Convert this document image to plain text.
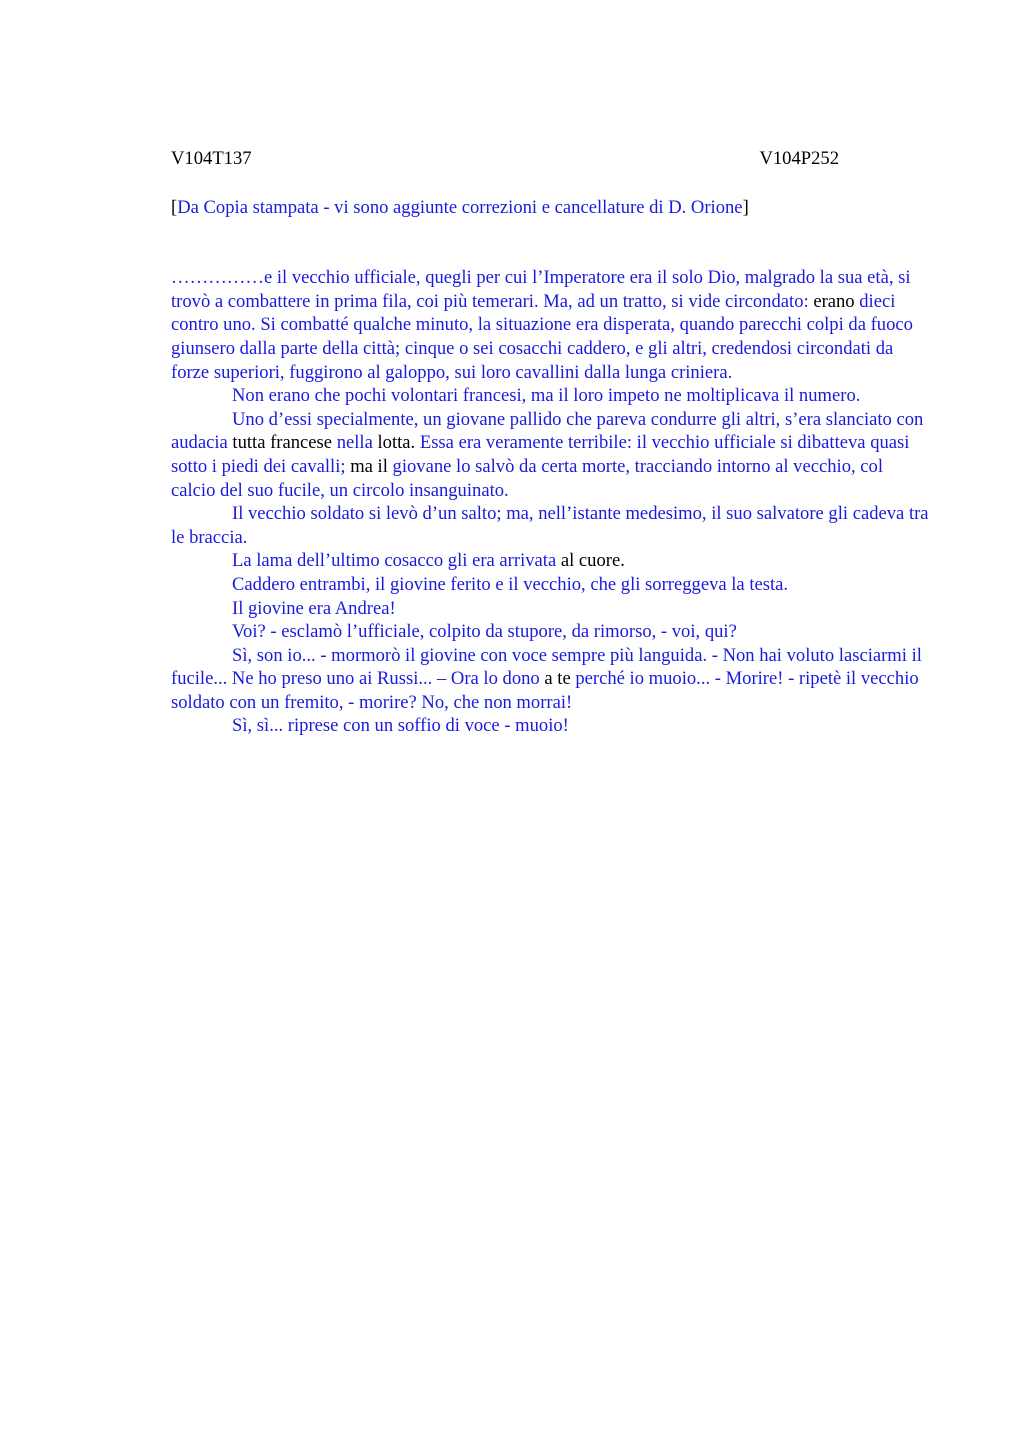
V104T137	V104P252
[Da Copia stampata - vi sono aggiunte correzioni e cancellature di D. Orione]

……………e il vecchio ufficiale, quegli per cui l’Imperatore era il solo Dio, malgrado la sua età, si trovò a combattere in prima fila, coi più temerari. Ma, ad un tratto, si vide circondato: erano dieci contro uno. Si combatté qualche minuto, la situazione era disperata, quando parecchi colpi da fuoco giunsero dalla parte della città; cinque o sei cosacchi caddero, e gli altri, credendosi circondati da forze superiori, fuggirono al galoppo, sui loro cavallini dalla lunga criniera.

Non erano che pochi volontari francesi, ma il loro impeto ne moltiplicava il numero.

Uno d’essi specialmente, un giovane pallido che pareva condurre gli altri, s’era slanciato con audacia tutta francese nella lotta. Essa era veramente terribile: il vecchio ufficiale si dibatteva quasi sotto i piedi dei cavalli; ma il giovane lo salvò da certa morte, tracciando intorno al vecchio, col calcio del suo fucile, un circolo insanguinato.

Il vecchio soldato si levò d’un salto; ma, nell’istante medesimo, il suo salvatore gli cadeva tra le braccia.

La lama dell’ultimo cosacco gli era arrivata al cuore.

Caddero entrambi, il giovine ferito e il vecchio, che gli sorreggeva la testa.

Il giovine era Andrea!

Voi? - esclamò l’ufficiale, colpito da stupore, da rimorso, - voi, qui?

Sì, son io... - mormorò il giovine con voce sempre più languida. - Non hai voluto lasciarmi il fucile... Ne ho preso uno ai Russi... – Ora lo dono a te perché io muoio... - Morire! - ripetè il vecchio soldato con un fremito, - morire? No, che non morrai!

Sì, sì... riprese con un soffio di voce - muoio!
